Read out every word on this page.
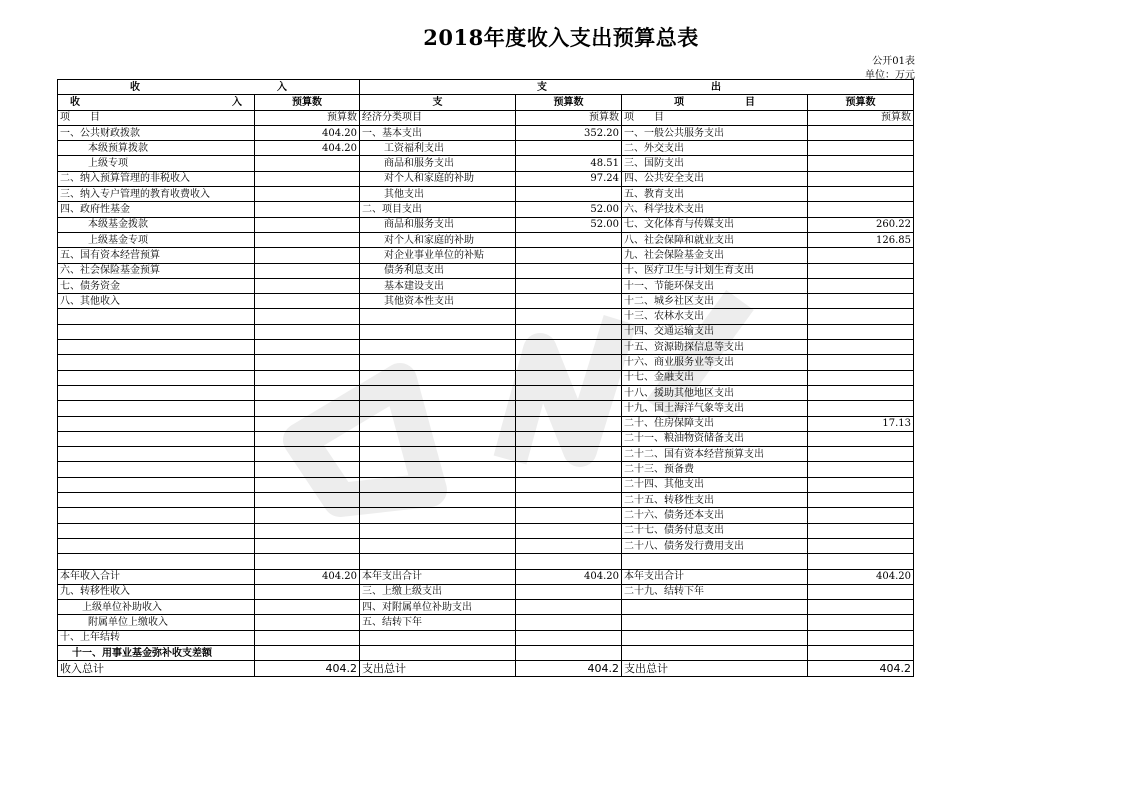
2018年度收入支出预算总表
公开01表
单位：万元
收 入		支 出			

收 入	预算数	支	预算数	项 目	预算数
项　　目	预算数	经济分类项目	预算数	项　　目	预算数
一、公共财政拨款	404.20	一、基本支出	352.20	一、一般公共服务支出	
本级预算拨款	404.20	工资福利支出		二、外交支出	
上级专项		商品和服务支出	48.51	三、国防支出	
二、纳入预算管理的非税收入		对个人和家庭的补助	97.24	四、公共安全支出	
三、纳入专户管理的教育收费收入		其他支出		五、教育支出	
四、政府性基金		二、项目支出	52.00	六、科学技术支出	
本级基金拨款		商品和服务支出	52.00	七、文化体育与传媒支出	260.22
上级基金专项		对个人和家庭的补助		八、社会保障和就业支出	126.85
五、国有资本经营预算		对企业事业单位的补贴		九、社会保险基金支出	
六、社会保险基金预算		债务利息支出		十、医疗卫生与计划生育支出	
七、债务资金		基本建设支出		十一、节能环保支出	
八、其他收入		其他资本性支出		十二、城乡社区支出	
				十三、农林水支出	
				十四、交通运输支出	
				十五、资源勘探信息等支出	
				十六、商业服务业等支出	
				十七、金融支出	
				十八、援助其他地区支出	
				十九、国土海洋气象等支出	
				二十、住房保障支出	17.13
				二十一、粮油物资储备支出	
				二十二、国有资本经营预算支出	
				二十三、预备费	
				二十四、其他支出	
				二十五、转移性支出	
				二十六、债务还本支出	
				二十七、债务付息支出	
				二十八、债务发行费用支出	

本年收入合计	404.20	本年支出合计	404.20	本年支出合计	404.20
九、转移性收入		三、上缴上级支出		二十九、结转下年	
上级单位补助收入		四、对附属单位补助支出			
附属单位上缴收入		五、结转下年			
十、上年结转					
十一、用事业基金弥补收支差额					
收入总计	404.2	支出总计	404.2	支出总计	404.2
